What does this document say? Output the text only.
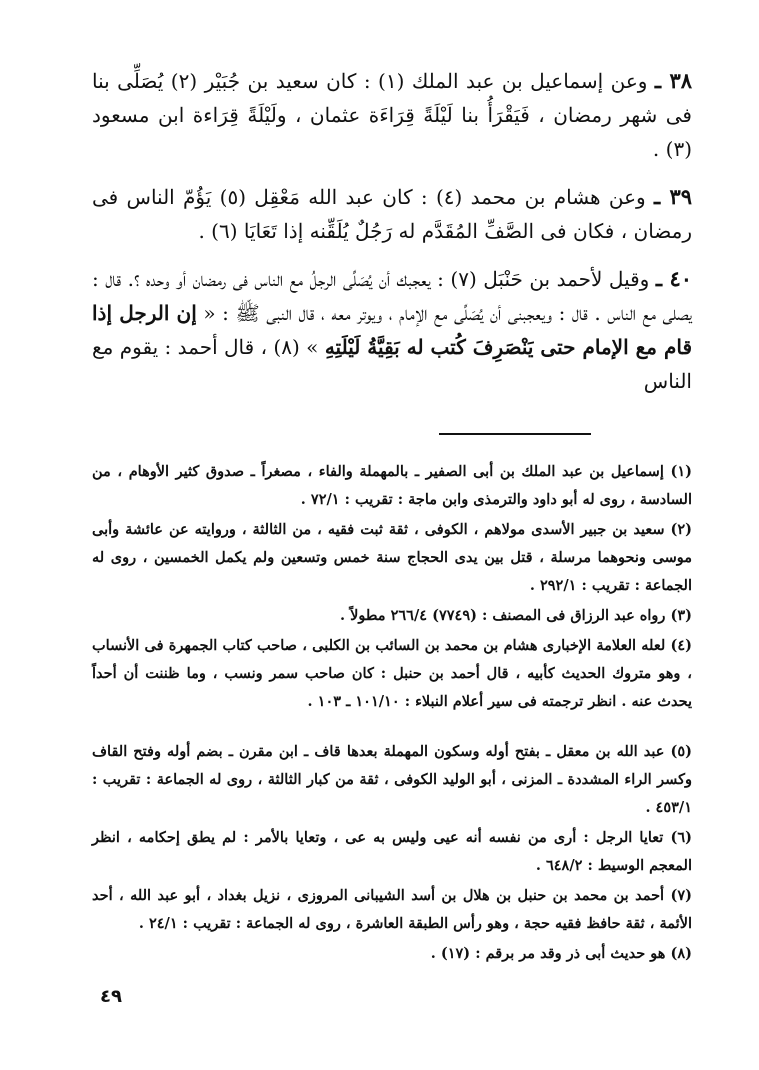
٣٨ ـ وعن إسماعيل بن عبد الملك (١) : كان سعيد بن جُبَيْر (٢) يُصَلِّى بنا فى شهر رمضان ، فَيَقْرَأُ بنا لَيْلَةً قِرَاءَة عثمان ، ولَيْلَةً قِرَاءة ابن مسعود (٣) .

٣٩ ـ وعن هشام بن محمد (٤) : كان عبد الله مَعْقِل (٥) يَؤُمّ الناس فى رمضان ، فكان فى الصَّفِّ المُقَدَّم له رَجُلٌ يُلَقِّنه إذا تَعَايَا (٦) .

٤٠ ـ وقيل لأحمد بن حَنْبَل (٧) : يعجبك أن يُصَلِّى الرجلُ مع الناس فى رمضان أو وحده ؟. قال : يصلى مع الناس . قال : ويعجبنى أن يُصَلِّى مع الإمام ، ويوتر معه ، قال النبى ﷺ : « إن الرجل إذا قام مع الإمام حتى يَنْصَرِفَ كُتب له بَقِيَّةُ لَيْلَتِهِ » (٨) ، قال أحمد : يقوم مع الناس

(١) إسماعيل بن عبد الملك بن أبى الصفير ـ بالمهملة والفاء ، مصغراً ـ صدوق كثير الأوهام ، من السادسة ، روى له أبو داود والترمذى وابن ماجة : تقريب : ٧٢/١ .

(٢) سعيد بن جبير الأسدى مولاهم ، الكوفى ، ثقة ثبت فقيه ، من الثالثة ، وروايته عن عائشة وأبى موسى ونحوهما مرسلة ، قتل بين يدى الحجاج سنة خمس وتسعين ولم يكمل الخمسين ، روى له الجماعة : تقريب : ٢٩٢/١ .

(٣) رواه عبد الرزاق فى المصنف : (٧٧٤٩) ٢٦٦/٤ مطولاً .

(٤) لعله العلامة الإخبارى هشام بن محمد بن السائب بن الكلبى ، صاحب كتاب الجمهرة فى الأنساب ، وهو متروك الحديث كأبيه ، قال أحمد بن حنبل : كان صاحب سمر ونسب ، وما ظننت أن أحداً يحدث عنه . انظر ترجمته فى سير أعلام النبلاء : ١٠١/١٠ ـ ١٠٣ .

(٥) عبد الله بن معقل ـ بفتح أوله وسكون المهملة بعدها قاف ـ ابن مقرن ـ بضم أوله وفتح القاف وكسر الراء المشددة ـ المزنى ، أبو الوليد الكوفى ، ثقة من كبار الثالثة ، روى له الجماعة : تقريب : ٤٥٣/١ .

(٦) تعايا الرجل : أرى من نفسه أنه عيى وليس به عى ، وتعايا بالأمر : لم يطق إحكامه ، انظر المعجم الوسيط : ٦٤٨/٢ .

(٧) أحمد بن محمد بن حنبل بن هلال بن أسد الشيبانى المروزى ، نزيل بغداد ، أبو عبد الله ، أحد الأئمة ، ثقة حافظ فقيه حجة ، وهو رأس الطبقة العاشرة ، روى له الجماعة : تقريب : ٢٤/١ .

(٨) هو حديث أبى ذر وقد مر برقم : (١٧) .

٤٩
